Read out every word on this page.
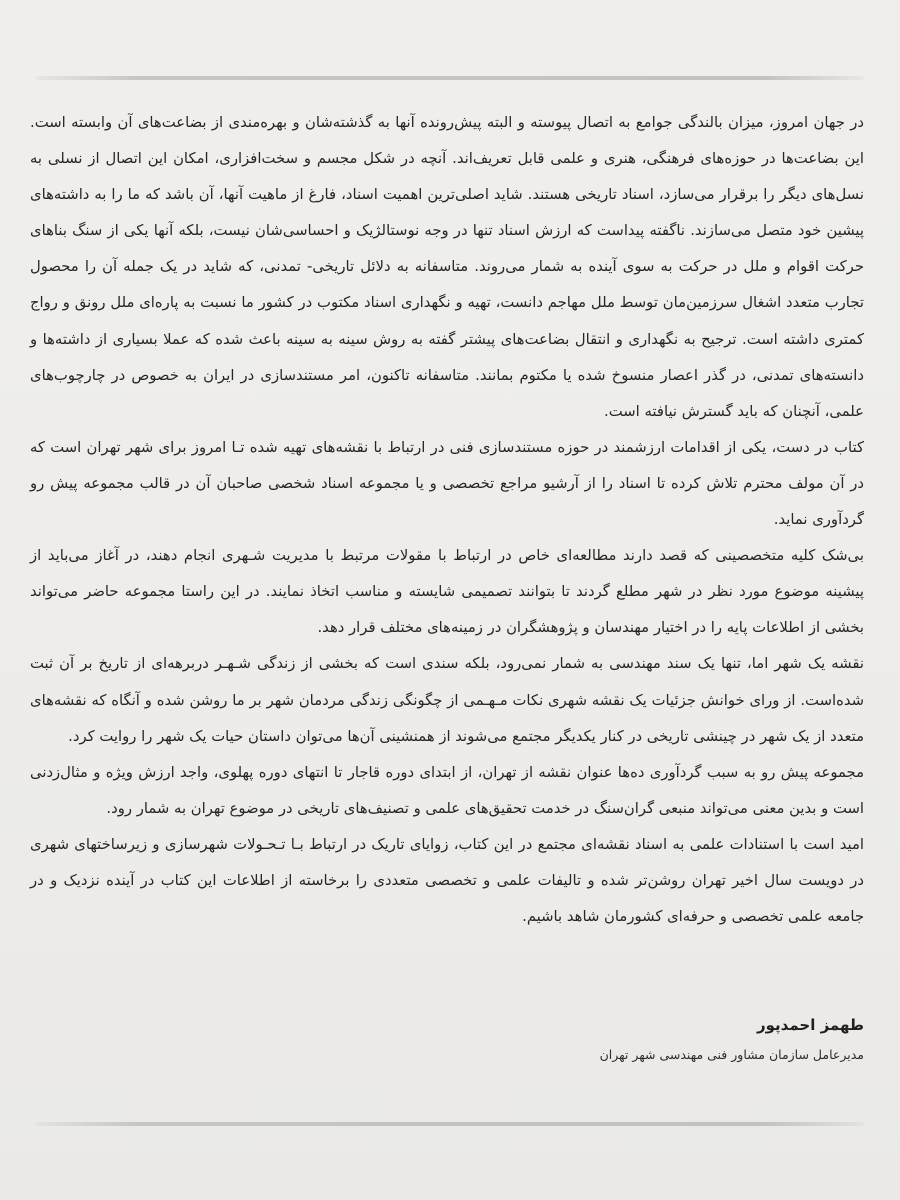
در جهان امروز، میزان بالندگی جوامع به اتصال پیوسته و البته پیش‌رونده آنها به گذشته‌شان و بهره‌مندی از بضاعت‌های آن وابسته است. این بضاعت‌ها در حوزه‌های فرهنگی، هنری و علمی قابل تعریف‌اند. آنچه در شکل مجسم و سخت‌افزاری، امکان این اتصال از نسلی به نسل‌های دیگر را برقرار می‌سازد، اسناد تاریخی هستند. شاید اصلی‌ترین اهمیت اسناد، فارغ از ماهیت آنها، آن باشد که ما را به داشته‌های پیشین خود متصل می‌سازند. ناگفته پیداست که ارزش اسناد تنها در وجه نوستالژیک و احساسی‌شان نیست، بلکه آنها یکی از سنگ بناهای حرکت اقوام و ملل در حرکت به سوی آینده به شمار می‌روند. متاسفانه به دلائل تاریخی- تمدنی، که شاید در یک جمله آن را محصول تجارب متعدد اشغال سرزمین‌مان توسط ملل مهاجم دانست، تهیه و نگهداری اسناد مکتوب در کشور ما نسبت به پاره‌ای ملل رونق و رواج کمتری داشته است. ترجیح به نگهداری و انتقال بضاعت‌های پیشتر گفته به روش سینه به سینه باعث شده که عملا بسیاری از داشته‌ها و دانسته‌های تمدنی، در گذر اعصار منسوخ شده یا مکتوم بمانند. متاسفانه تاکنون، امر مستندسازی در ایران به خصوص در چارچوب‌های علمی، آنچنان که باید گسترش نیافته است.

کتاب در دست، یکی از اقدامات ارزشمند در حوزه مستندسازی فنی در ارتباط با نقشه‌های تهیه شده تـا امروز برای شهر تهران است که در آن مولف محترم تلاش کرده تا اسناد را از آرشیو مراجع تخصصی و یا مجموعه اسناد شخصی صاحبان آن در قالب مجموعه پیش رو گردآوری نماید.

بی‌شک کلیه متخصصینی که قصد دارند مطالعه‌ای خاص در ارتباط با مقولات مرتبط با مدیریت شـهری انجام دهند، در آغاز می‌باید از پیشینه موضوع مورد نظر در شهر مطلع گردند تا بتوانند تصمیمی شایسته و مناسب اتخاذ نمایند. در این راستا مجموعه حاضر می‌تواند بخشی از اطلاعات پایه را در اختیار مهندسان و پژوهشگران در زمینه‌های مختلف قرار دهد.

نقشه یک شهر اما، تنها یک سند مهندسی به شمار نمی‌رود، بلکه سندی است که بخشی از زندگی شـهـر دربرهه‌ای از تاریخ بر آن ثبت شده‌است. از ورای خوانش جزئیات یک نقشه شهری نکات مـهـمی از چگونگی زندگی مردمان شهر بر ما روشن شده و آنگاه که نقشه‌های متعدد از یک شهر در چینشی تاریخی در کنار یکدیگر مجتمع می‌شوند از همنشینی آن‌ها می‌توان داستان حیات یک شهر را روایت کرد.

مجموعه پیش رو به سبب گردآوری ده‌ها عنوان نقشه از تهران، از ابتدای دوره قاجار تا انتهای دوره پهلوی، واجد ارزش ویژه و مثال‌زدنی است و بدین معنی می‌تواند منبعی گران‌سنگ در خدمت تحقیق‌های علمی و تصنیف‌های تاریخی در موضوع تهران به شمار رود.

امید است با استنادات علمی به اسناد نقشه‌ای مجتمع در این کتاب، زوایای تاریک در ارتباط بـا تـحـولات شهرسازی و زیرساختهای شهری در دویست سال اخیر تهران روشن‌تر شده و تالیفات علمی و تخصصی متعددی را برخاسته از اطلاعات این کتاب در آینده نزدیک و در جامعه علمی تخصصی و حرفه‌ای کشورمان شاهد باشیم.

طهمز احمدپور
مدیرعامل سازمان مشاور فنی مهندسی شهر تهران
